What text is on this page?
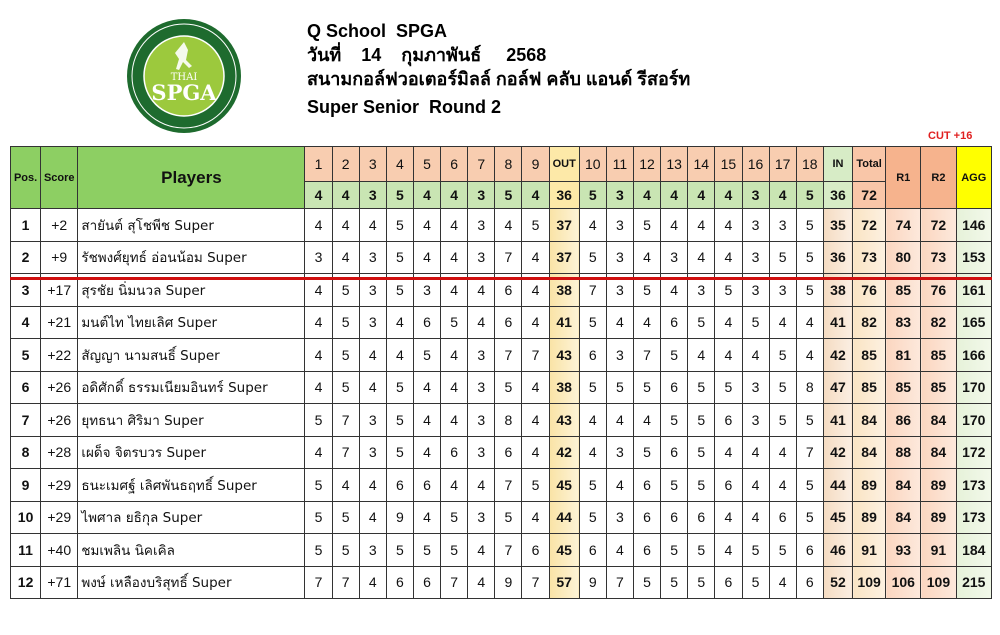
THAI
SPGA
Q School  SPGA
วันที่    14    กุมภาพันธ์     2568
สนามกอล์ฟวอเตอร์มิลล์ กอล์ฟ คลับ แอนด์ รีสอร์ท
Super Senior  Round 2
CUT +16
Pos.	Score	Players	1	2	3	4	5	6	7	8	9	OUT	10	11	12	13	14	15	16	17	18	IN	Total	R1	R2	AGG
			4	4	3	5	4	4	3	5	4	36	5	3	4	4	4	4	3	4	5	36	72			
1	+2	สายันต์ สุโชพีช Super	4	4	4	5	4	4	3	4	5	37	4	3	5	4	4	4	3	3	5	35	72	74	72	146
2	+9	รัชพงศ์ยุทธ์ อ่อนน้อม Super	3	4	3	5	4	4	3	7	4	37	5	3	4	3	4	4	3	5	5	36	73	80	73	153
3	+17	สุรชัย นิ่มนวล Super	4	5	3	5	3	4	4	6	4	38	7	3	5	4	3	5	3	3	5	38	76	85	76	161
4	+21	มนต์ไท ไทยเลิศ Super	4	5	3	4	6	5	4	6	4	41	5	4	4	6	5	4	5	4	4	41	82	83	82	165
5	+22	สัญญา นามสนธิ์ Super	4	5	4	4	5	4	3	7	7	43	6	3	7	5	4	4	4	5	4	42	85	81	85	166
6	+26	อดิศักดิ์ ธรรมเนียมอินทร์ Super	4	5	4	5	4	4	3	5	4	38	5	5	5	6	5	5	3	5	8	47	85	85	85	170
7	+26	ยุทธนา ศิริมา Super	5	7	3	5	4	4	3	8	4	43	4	4	4	5	5	6	3	5	5	41	84	86	84	170
8	+28	เผด็จ จิตรบวร Super	4	7	3	5	4	6	3	6	4	42	4	3	5	6	5	4	4	4	7	42	84	88	84	172
9	+29	ธนะเมศฐ์ เลิศพันธฤทธิ์ Super	5	4	4	6	6	4	4	7	5	45	5	4	6	5	5	6	4	4	5	44	89	84	89	173
10	+29	ไพศาล ยธิกุล Super	5	5	4	9	4	5	3	5	4	44	5	3	6	6	6	4	4	6	5	45	89	84	89	173
11	+40	ชมเพลิน นิคเคิล	5	5	3	5	5	5	4	7	6	45	6	4	6	5	5	4	5	5	6	46	91	93	91	184
12	+71	พงษ์ เหลืองบริสุทธิ์ Super	7	7	4	6	6	7	4	9	7	57	9	7	5	5	5	6	5	4	6	52	109	106	109	215
